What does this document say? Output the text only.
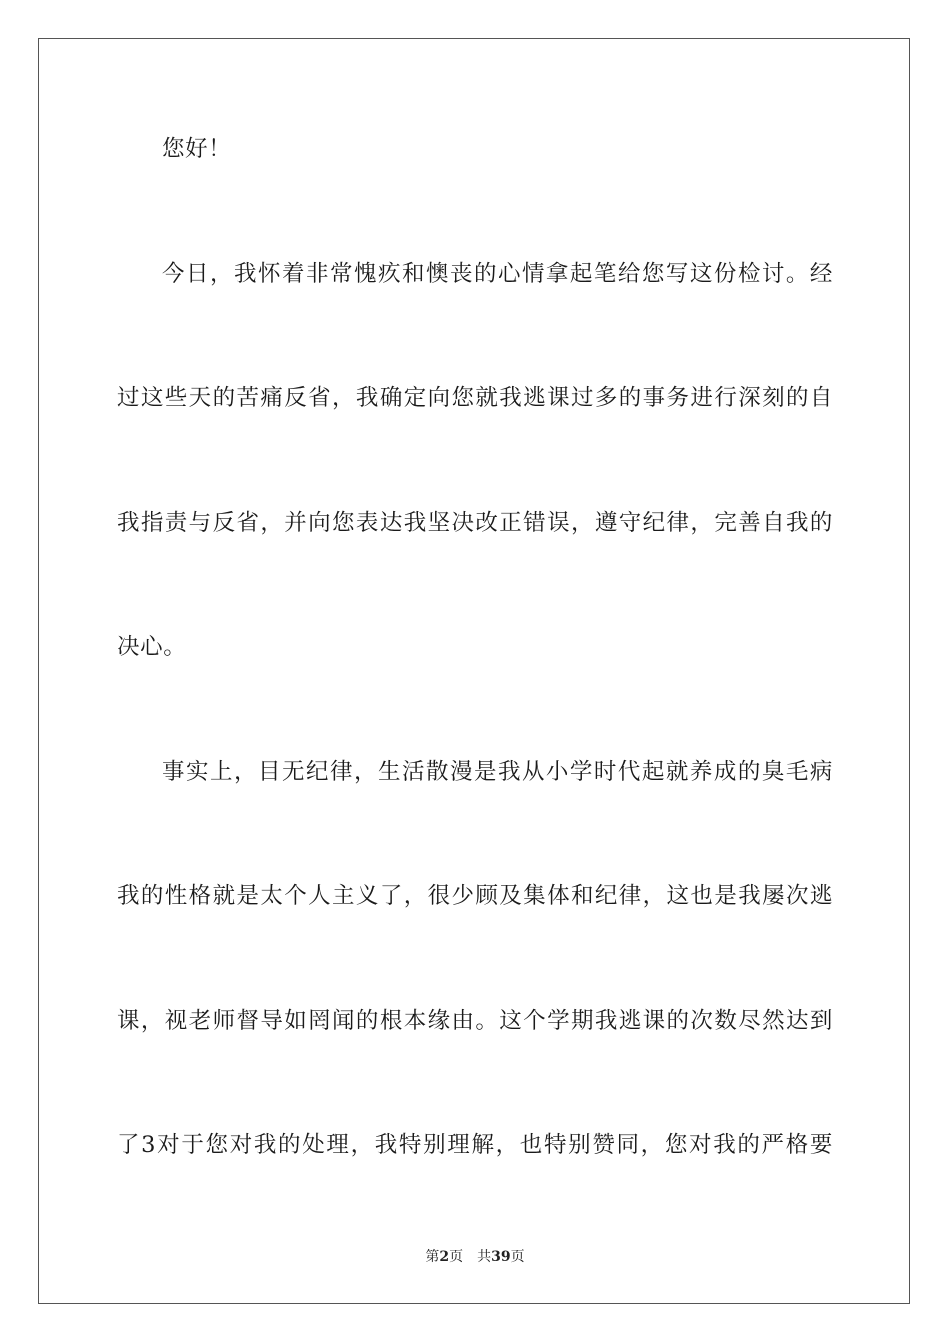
您好！
今日，我怀着非常愧疚和懊丧的心情拿起笔给您写这份检讨。经
过这些天的苦痛反省，我确定向您就我逃课过多的事务进行深刻的自
我指责与反省，并向您表达我坚决改正错误，遵守纪律，完善自我的
决心。
事实上，目无纪律，生活散漫是我从小学时代起就养成的臭毛病
我的性格就是太个人主义了，很少顾及集体和纪律，这也是我屡次逃
课，视老师督导如罔闻的根本缘由。这个学期我逃课的次数尽然达到
了3对于您对我的处理，我特别理解，也特别赞同，您对我的严格要
第2页 共39页
